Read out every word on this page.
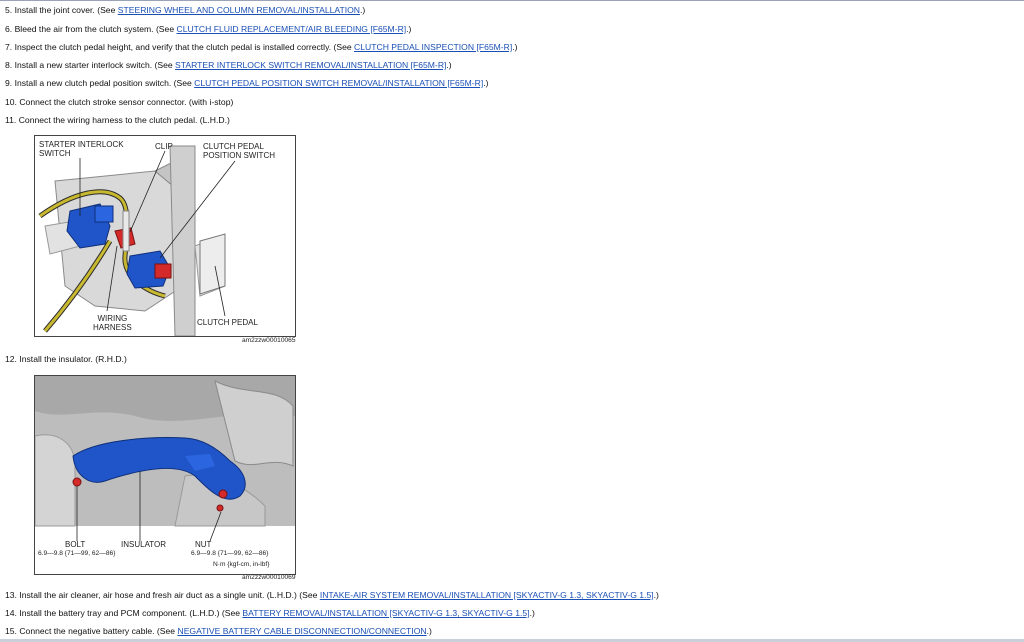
5. Install the joint cover. (See STEERING WHEEL AND COLUMN REMOVAL/INSTALLATION.)
6. Bleed the air from the clutch system. (See CLUTCH FLUID REPLACEMENT/AIR BLEEDING [F65M-R].)
7. Inspect the clutch pedal height, and verify that the clutch pedal is installed correctly. (See CLUTCH PEDAL INSPECTION [F65M-R].)
8. Install a new starter interlock switch. (See STARTER INTERLOCK SWITCH REMOVAL/INSTALLATION [F65M-R].)
9. Install a new clutch pedal position switch. (See CLUTCH PEDAL POSITION SWITCH REMOVAL/INSTALLATION [F65M-R].)
10. Connect the clutch stroke sensor connector. (with i-stop)
11. Connect the wiring harness to the clutch pedal. (L.H.D.)
STARTER INTERLOCK
SWITCH
CLIP	CLUTCH PEDAL
POSITION SWITCH
WIRING
HARNESS
CLUTCH PEDAL
am2zzw00010065
12. Install the insulator. (R.H.D.)
BOLT
6.9—9.8 {71—99, 62—86}
INSULATOR	NUT
6.9—9.8 {71—99, 62—86}
N·m {kgf-cm, in-lbf}
am2zzw00010069
13. Install the air cleaner, air hose and fresh air duct as a single unit. (L.H.D.) (See INTAKE-AIR SYSTEM REMOVAL/INSTALLATION [SKYACTIV-G 1.3, SKYACTIV-G 1.5].)
14. Install the battery tray and PCM component. (L.H.D.) (See BATTERY REMOVAL/INSTALLATION [SKYACTIV-G 1.3, SKYACTIV-G 1.5].)
15. Connect the negative battery cable. (See NEGATIVE BATTERY CABLE DISCONNECTION/CONNECTION.)
